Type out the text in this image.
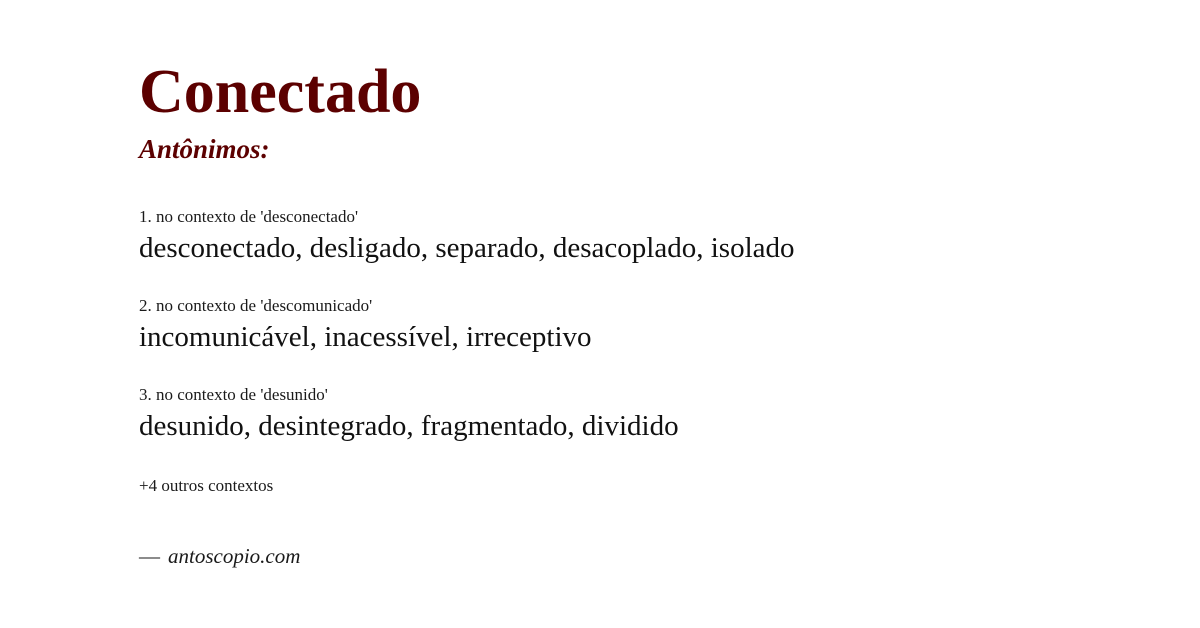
Conectado
Antônimos:
1. no contexto de 'desconectado'
desconectado, desligado, separado, desacoplado, isolado
2. no contexto de 'descomunicado'
incomunicável, inacessível, irreceptivo
3. no contexto de 'desunido'
desunido, desintegrado, fragmentado, dividido
+4 outros contextos
— antoscopio.com
